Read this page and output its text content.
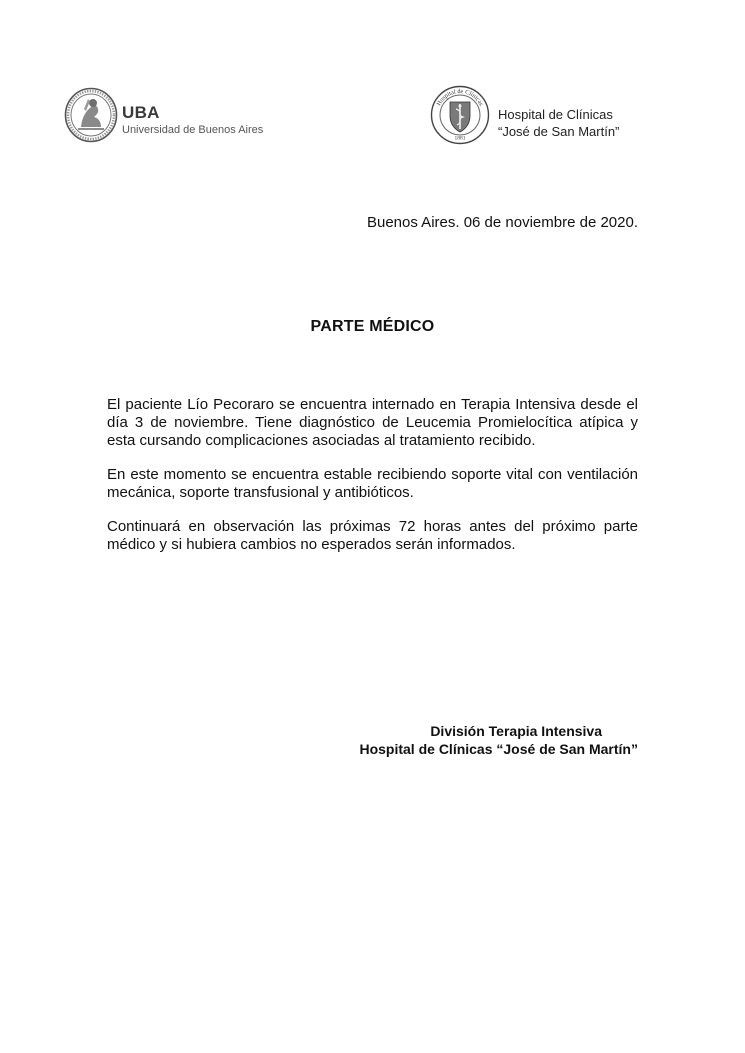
UBA
Universidad de Buenos Aires
Hospital de Clínicas
1881
Hospital de Clínicas
“José de San Martín”
Buenos Aires. 06 de noviembre de 2020.
PARTE MÉDICO

El paciente Lío Pecoraro se encuentra internado en Terapia Intensiva desde el día 3 de noviembre. Tiene diagnóstico de Leucemia Promielocítica atípica y esta cursando complicaciones asociadas al tratamiento recibido.

En este momento se encuentra estable recibiendo soporte vital con ventilación mecánica, soporte transfusional y antibióticos.

Continuará en observación las próximas 72 horas antes del próximo parte médico y si hubiera cambios no esperados serán informados.

División Terapia Intensiva
Hospital de Clínicas “José de San Martín”
